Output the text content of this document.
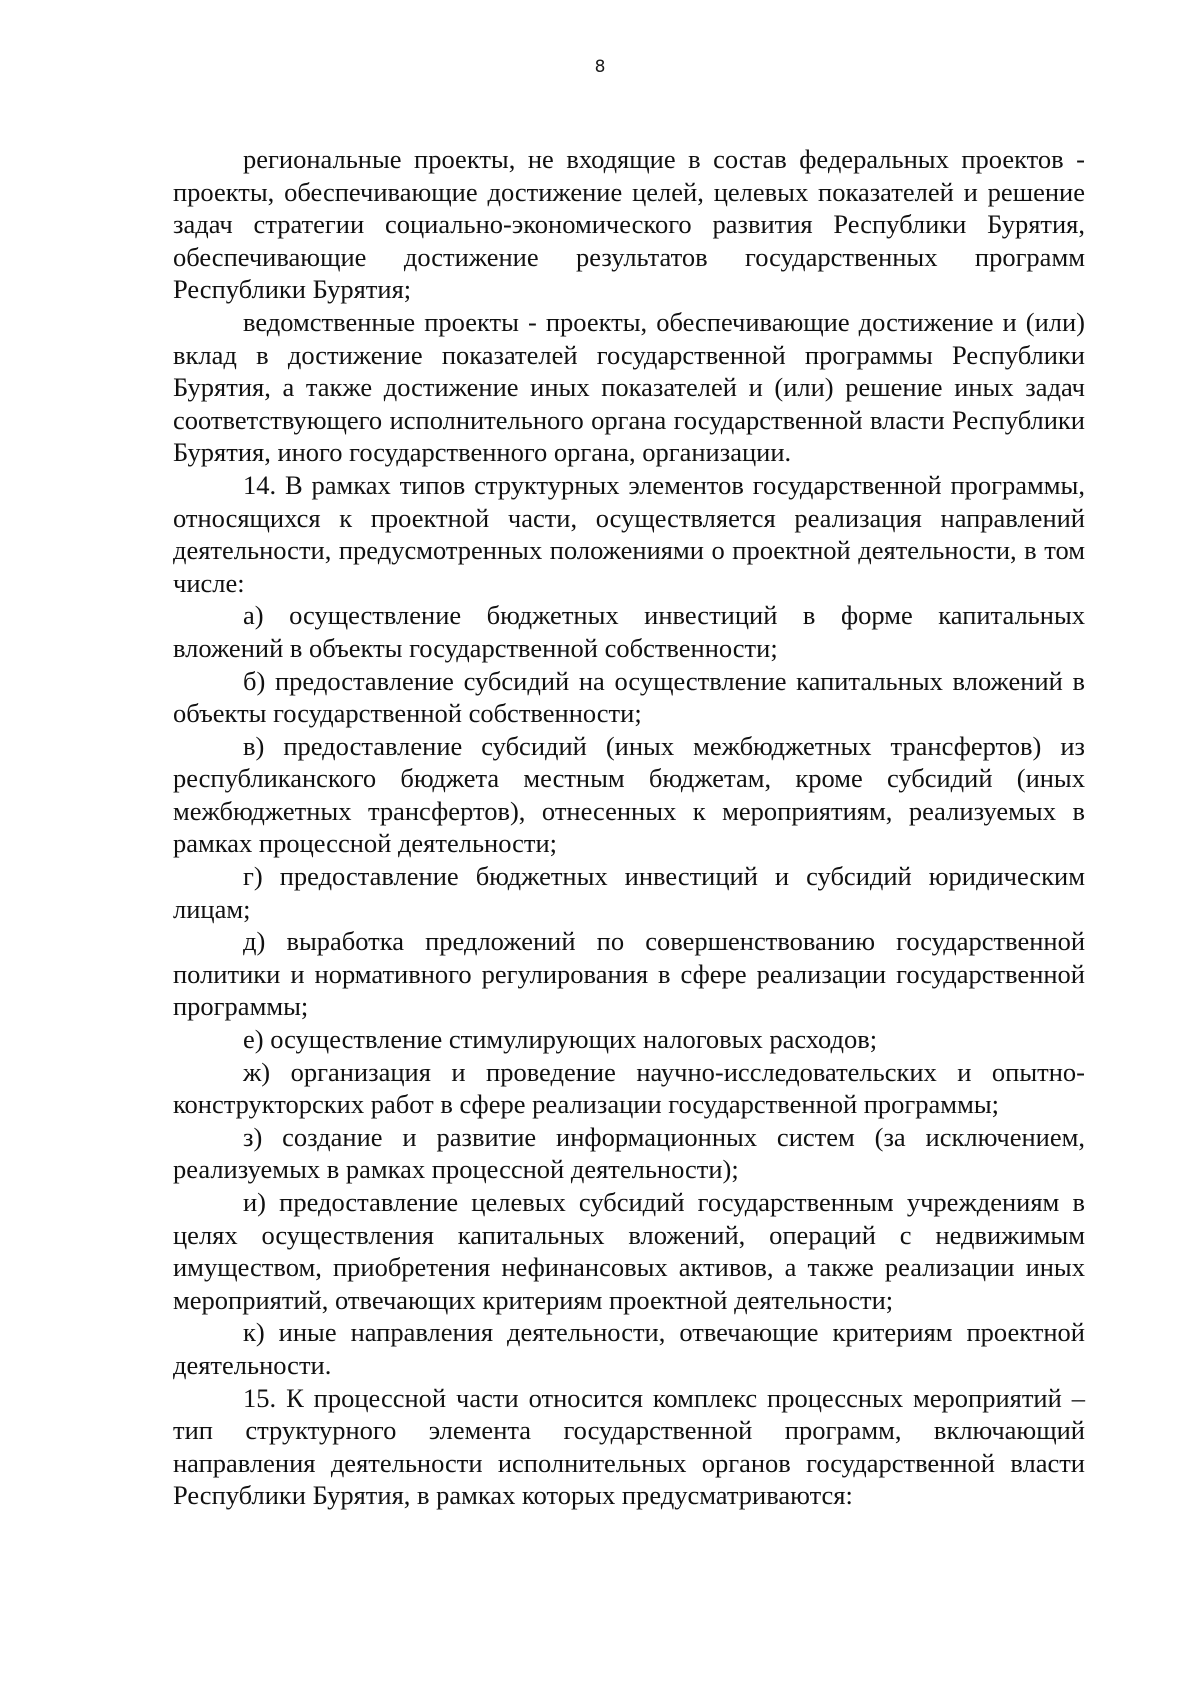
8

региональные проекты, не входящие в состав федеральных проектов - проекты, обеспечивающие достижение целей, целевых показателей и решение задач стратегии социально-экономического развития Республики Бурятия, обеспечивающие достижение результатов государственных программ Республики Бурятия;

ведомственные проекты - проекты, обеспечивающие достижение и (или) вклад в достижение показателей государственной программы Республики Бурятия, а также достижение иных показателей и (или) решение иных задач соответствующего исполнительного органа государственной власти Республики Бурятия, иного государственного органа, организации.

14. В рамках типов структурных элементов государственной программы, относящихся к проектной части, осуществляется реализация направлений деятельности, предусмотренных положениями о проектной деятельности, в том числе:

а) осуществление бюджетных инвестиций в форме капитальных вложений в объекты государственной собственности;

б) предоставление субсидий на осуществление капитальных вложений в объекты государственной собственности;

в) предоставление субсидий (иных межбюджетных трансфертов) из республиканского бюджета местным бюджетам, кроме субсидий (иных межбюджетных трансфертов), отнесенных к мероприятиям, реализуемых в рамках процессной деятельности;

г) предоставление бюджетных инвестиций и субсидий юридическим лицам;

д) выработка предложений по совершенствованию государственной политики и нормативного регулирования в сфере реализации государственной программы;

е) осуществление стимулирующих налоговых расходов;

ж) организация и проведение научно-исследовательских и опытно-конструкторских работ в сфере реализации государственной программы;

з) создание и развитие информационных систем (за исключением, реализуемых в рамках процессной деятельности);

и) предоставление целевых субсидий государственным учреждениям в целях осуществления капитальных вложений, операций с недвижимым имуществом, приобретения нефинансовых активов, а также реализации иных мероприятий, отвечающих критериям проектной деятельности;

к) иные направления деятельности, отвечающие критериям проектной деятельности.

15. К процессной части относится комплекс процессных мероприятий – тип структурного элемента государственной программ, включающий направления деятельности исполнительных органов государственной власти Республики Бурятия, в рамках которых предусматриваются:
